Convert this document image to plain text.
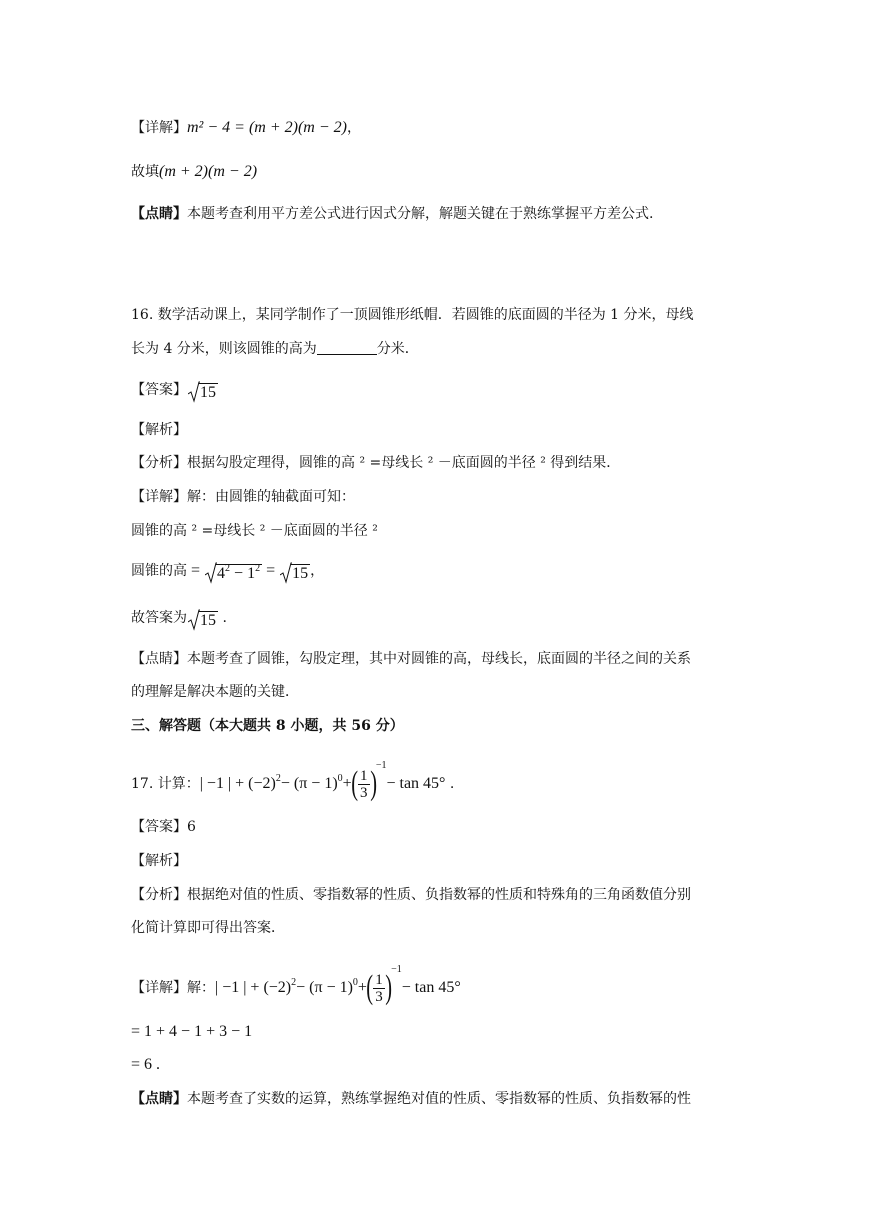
【详解】m² − 4 = (m + 2)(m − 2)，
故填(m + 2)(m − 2)
【点睛】本题考查利用平方差公式进行因式分解，解题关键在于熟练掌握平方差公式.
16. 数学活动课上，某同学制作了一顶圆锥形纸帽．若圆锥的底面圆的半径为 1 分米，母线
长为 4 分米，则该圆锥的高为	分米．
【答案】 15
【解析】
【分析】根据勾股定理得，圆锥的高 ² =母线长 ² －底面圆的半径 ² 得到结果．
【详解】解：由圆锥的轴截面可知：
圆锥的高 ² =母线长 ² －底面圆的半径 ²
圆锥的高 =
$4^2 - 1^2$ =
15 ，
故答案为 15 .
【点睛】本题考查了圆锥，勾股定理，其中对圆锥的高，母线长，底面圆的半径之间的关系
的理解是解决本题的关键．
三、解答题（本大题共 8 小题，共 56 分）
17. 计算：| −1 | + $(-2)^2- (\pi - 1)^0+( \frac{1}{3} )^{-1}- \tan 45^\circ$ .
【答案】6
【解析】
【分析】根据绝对值的性质、零指数幂的性质、负指数幂的性质和特殊角的三角函数值分别
化简计算即可得出答案．
【详解】解：| −1 | + $(-2)^2- (\pi - 1)^0+( \frac{1}{3} )^{-1}- \tan 45^\circ$
= 1 + 4 − 1 + 3 − 1
= 6 .
【点睛】本题考查了实数的运算，熟练掌握绝对值的性质、零指数幂的性质、负指数幂的性
